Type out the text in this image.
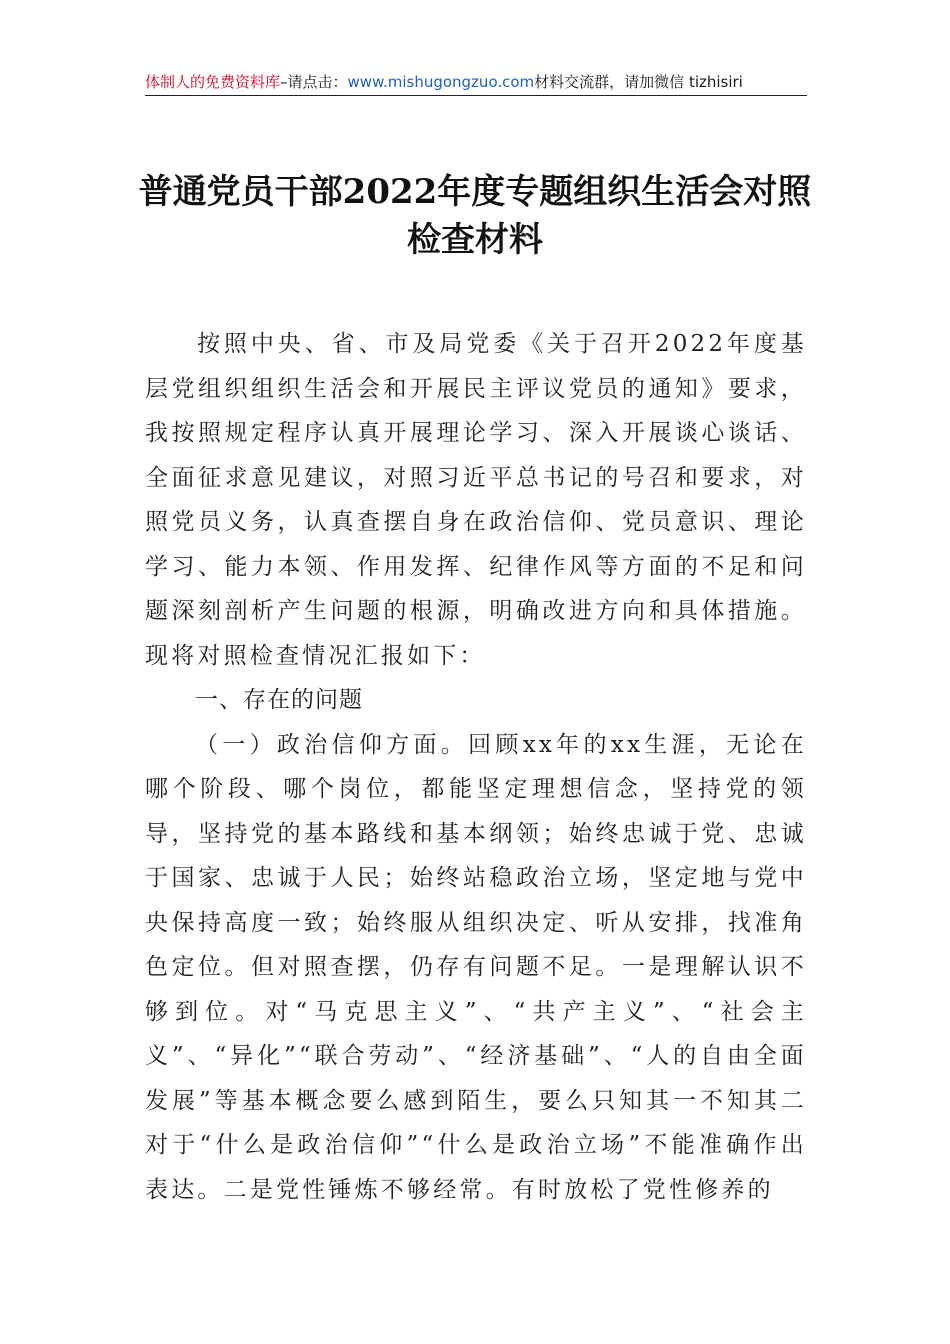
体制人的免费资料库–请点击：www.mishugongzuo.com材料交流群，请加微信 tizhisiri
普通党员干部2022年度专题组织生活会对照检查材料

按照中央、省、市及局党委《关于召开2022年度基层党组织组织生活会和开展民主评议党员的通知》要求，我按照规定程序认真开展理论学习、深入开展谈心谈话、全面征求意见建议，对照习近平总书记的号召和要求，对照党员义务，认真查摆自身在政治信仰、党员意识、理论学习、能力本领、作用发挥、纪律作风等方面的不足和问题深刻剖析产生问题的根源，明确改进方向和具体措施。现将对照检查情况汇报如下：

一、存在的问题

（一）政治信仰方面。回顾xx年的xx生涯，无论在哪个阶段、哪个岗位，都能坚定理想信念，坚持党的领导，坚持党的基本路线和基本纲领；始终忠诚于党、忠诚于国家、忠诚于人民；始终站稳政治立场，坚定地与党中央保持高度一致；始终服从组织决定、听从安排，找准角色定位。但对照查摆，仍存有问题不足。一是理解认识不够到位。对“马克思主义”、“共产主义”、“社会主义”、“异化”“联合劳动”、“经济基础”、“人的自由全面发展”等基本概念要么感到陌生，要么只知其一不知其二对于“什么是政治信仰”“什么是政治立场”不能准确作出表达。二是党性锤炼不够经常。有时放松了党性修养的
